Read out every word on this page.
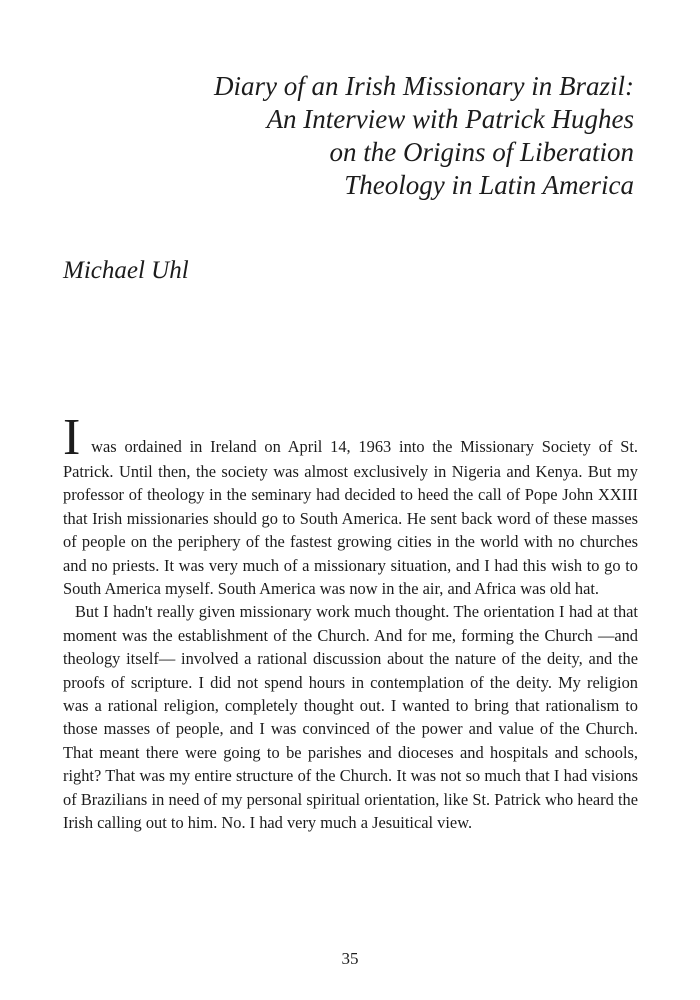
Diary of an Irish Missionary in Brazil:
An Interview with Patrick Hughes
on the Origins of Liberation
Theology in Latin America
Michael Uhl

I was ordained in Ireland on April 14, 1963 into the Missionary Society of St. Patrick. Until then, the society was almost exclusively in Nigeria and Kenya. But my professor of theology in the seminary had decided to heed the call of Pope John XXIII that Irish missionaries should go to South America. He sent back word of these masses of people on the periphery of the fastest growing cities in the world with no churches and no priests. It was very much of a missionary situation, and I had this wish to go to South America myself. South America was now in the air, and Africa was old hat.

But I hadn't really given missionary work much thought. The orientation I had at that moment was the establishment of the Church. And for me, forming the Church —and theology itself— involved a rational discussion about the nature of the deity, and the proofs of scripture. I did not spend hours in contemplation of the deity. My religion was a rational religion, completely thought out. I wanted to bring that rationalism to those masses of people, and I was convinced of the power and value of the Church. That meant there were going to be parishes and dioceses and hospitals and schools, right? That was my entire structure of the Church. It was not so much that I had visions of Brazilians in need of my personal spiritual orientation, like St. Patrick who heard the Irish calling out to him. No. I had very much a Jesuitical view.

35
